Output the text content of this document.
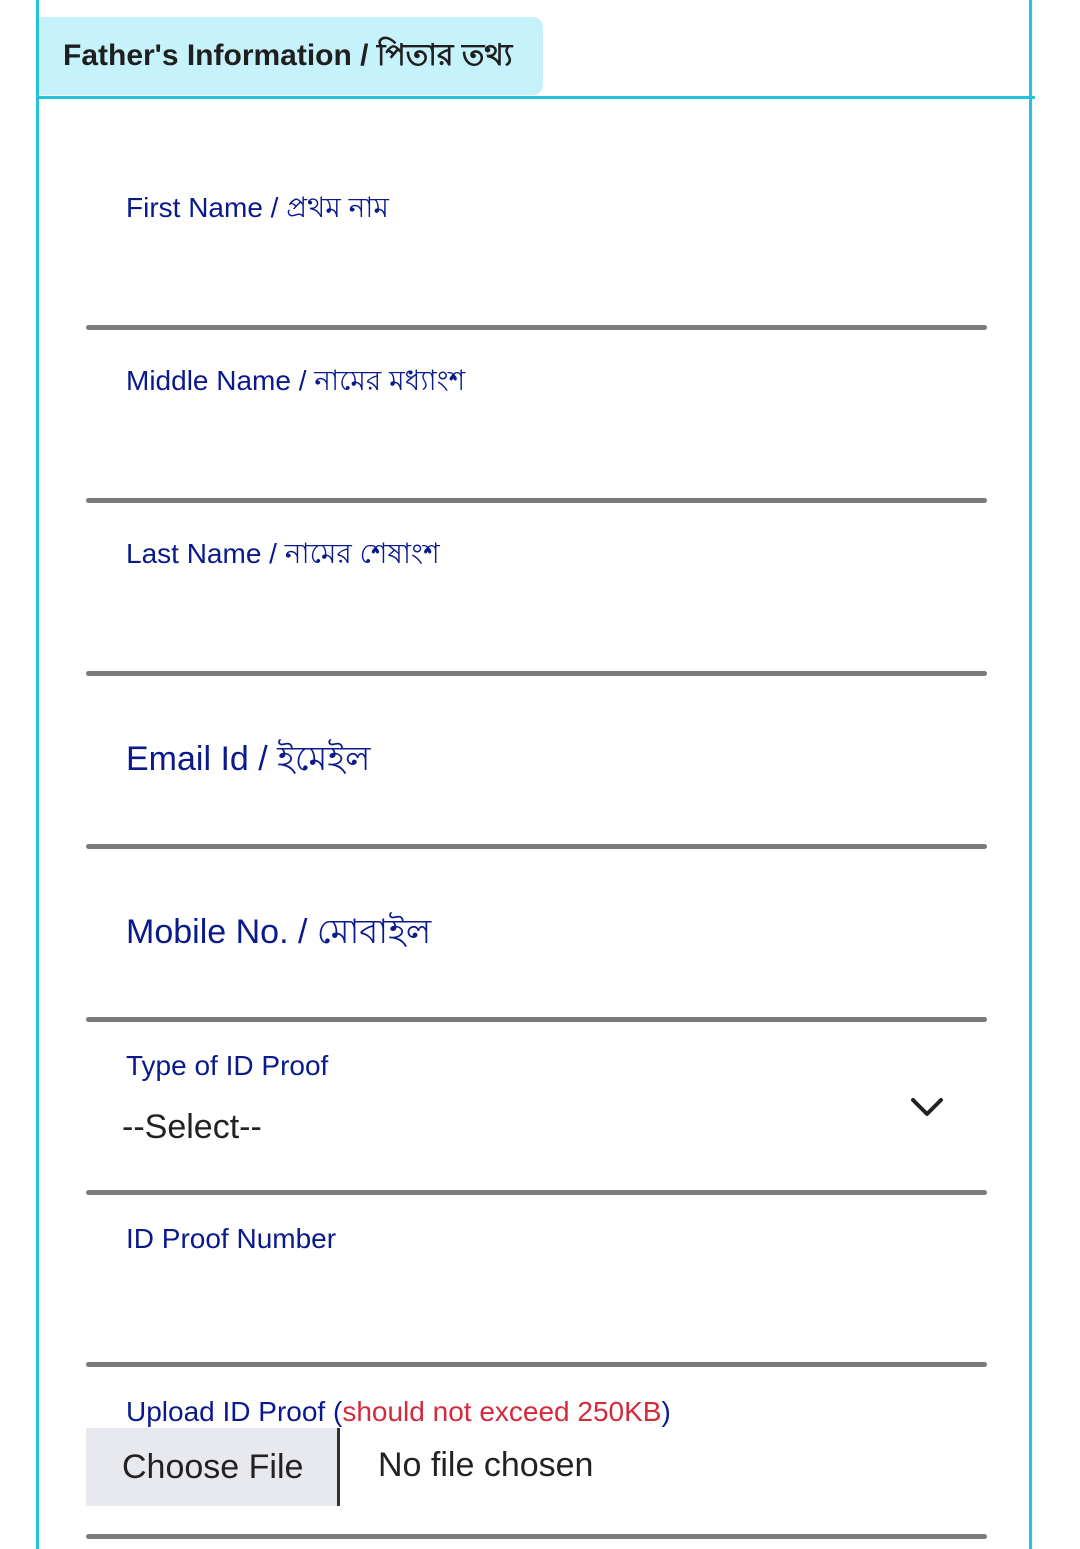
Father's Information / পিতার তথ্য
First Name / প্রথম নাম
Middle Name / নামের মধ্যাংশ
Last Name / নামের শেষাংশ
Email Id / ইমেইল
Mobile No. / মোবাইল
Type of ID Proof
--Select--
ID Proof Number
Upload ID Proof (should not exceed 250KB)
Choose File No file chosen
